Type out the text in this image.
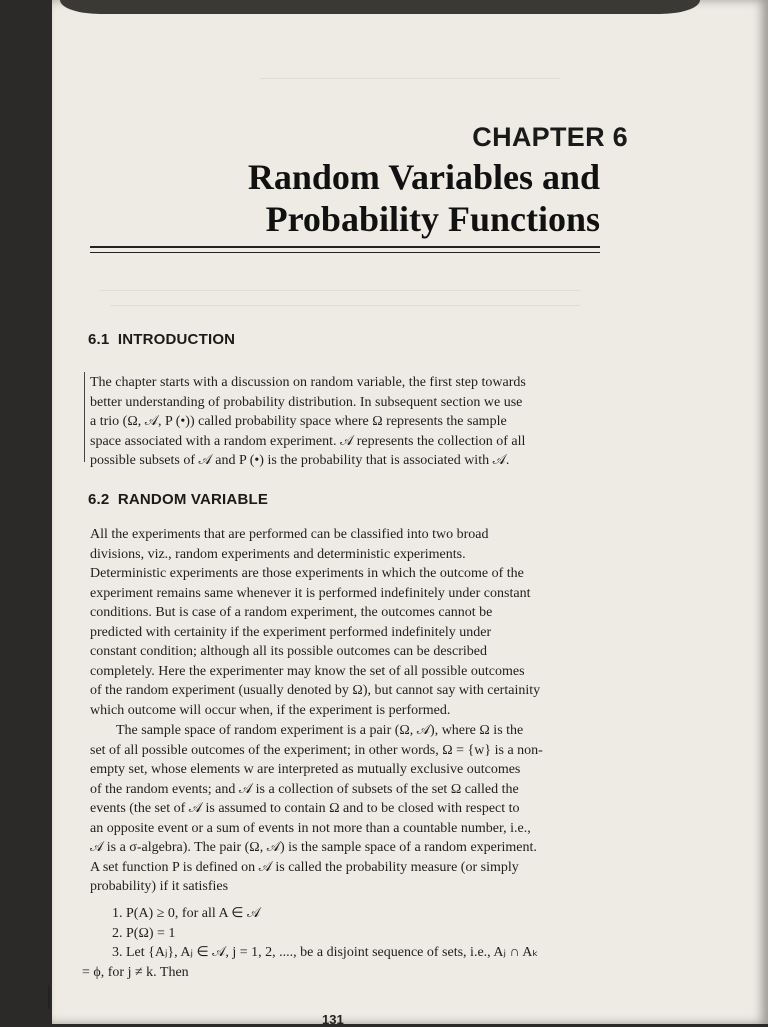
CHAPTER 6
Random Variables and
Probability Functions
6.1 INTRODUCTION
The chapter starts with a discussion on random variable, the first step towards
better understanding of probability distribution. In subsequent section we use
a trio (Ω, 𝒜, P (•)) called probability space where Ω represents the sample
space associated with a random experiment. 𝒜 represents the collection of all
possible subsets of 𝒜 and P (•) is the probability that is associated with 𝒜.
6.2 RANDOM VARIABLE
All the experiments that are performed can be classified into two broad
divisions, viz., random experiments and deterministic experiments.
Deterministic experiments are those experiments in which the outcome of the
experiment remains same whenever it is performed indefinitely under constant
conditions. But is case of a random experiment, the outcomes cannot be
predicted with certainity if the experiment performed indefinitely under
constant condition; although all its possible outcomes can be described
completely. Here the experimenter may know the set of all possible outcomes
of the random experiment (usually denoted by Ω), but cannot say with certainity
which outcome will occur when, if the experiment is performed.
The sample space of random experiment is a pair (Ω, 𝒜), where Ω is the
set of all possible outcomes of the experiment; in other words, Ω = {w} is a non-
empty set, whose elements w are interpreted as mutually exclusive outcomes
of the random events; and 𝒜 is a collection of subsets of the set Ω called the
events (the set of 𝒜 is assumed to contain Ω and to be closed with respect to
an opposite event or a sum of events in not more than a countable number, i.e.,
𝒜 is a σ-algebra). The pair (Ω, 𝒜) is the sample space of a random experiment.
A set function P is defined on 𝒜 is called the probability measure (or simply
probability) if it satisfies
1. P(A) ≥ 0, for all A ∈ 𝒜
2. P(Ω) = 1
3. Let {Aⱼ}, Aⱼ ∈ 𝒜, j = 1, 2, ...., be a disjoint sequence of sets, i.e., Aⱼ ∩ Aₖ
= ϕ, for j ≠ k. Then
131
